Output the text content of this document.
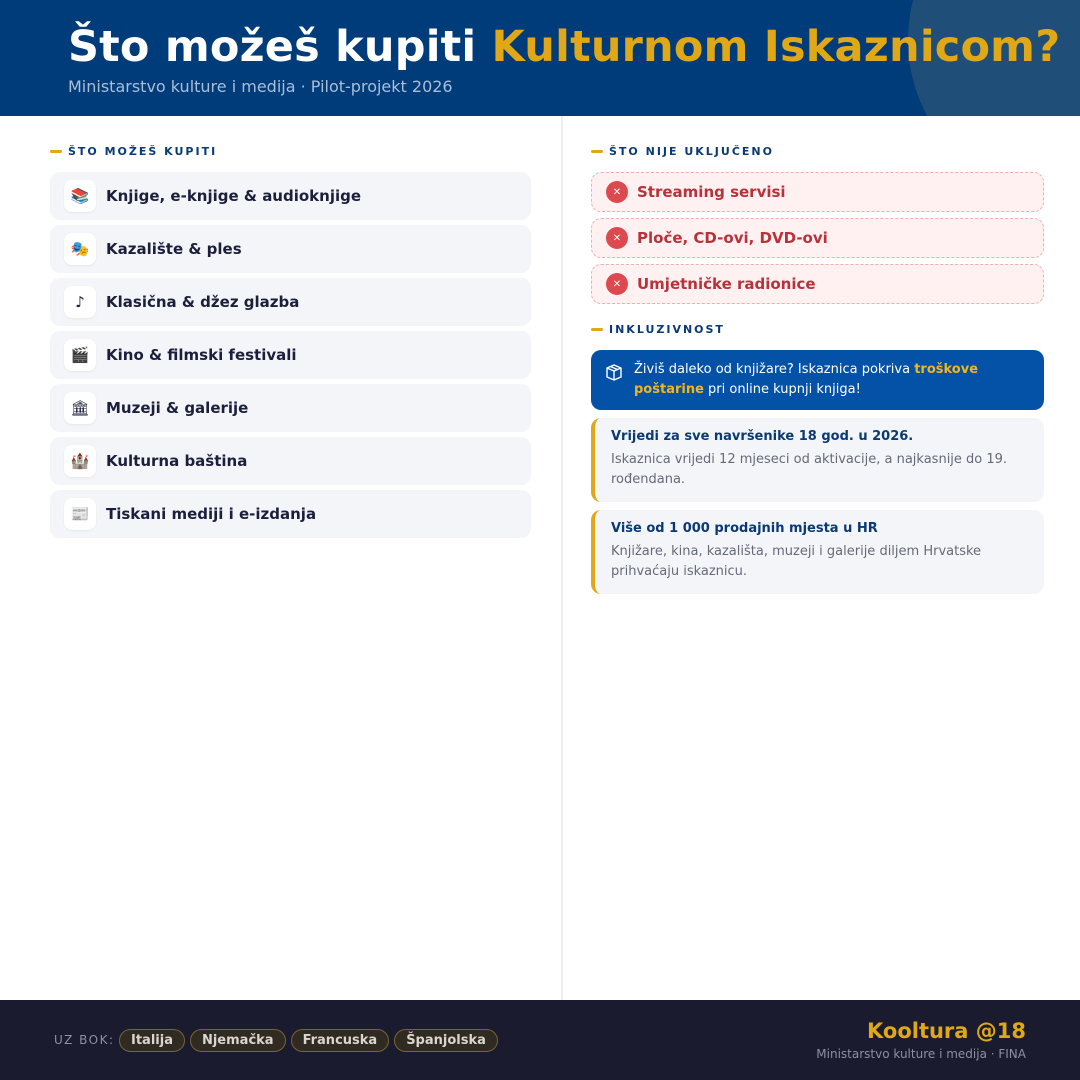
Što možeš kupiti Kulturnom Iskaznicom?
Ministarstvo kulture i medija · Pilot-projekt 2026
ŠTO MOŽEŠ KUPITI
📚	Knjige, e-knjige & audioknjige
🎭	Kazalište & ples
♪	Klasična & džez glazba
🎬	Kino & filmski festivali
🏛	Muzeji & galerije
🏰	Kulturna baština
📰	Tiskani mediji i e-izdanja
ŠTO NIJE UKLJUČENO
✕	Streaming servisi
✕	Ploče, CD-ovi, DVD-ovi
✕	Umjetničke radionice
INKLUZIVNOST
Živiš daleko od knjižare? Iskaznica pokriva troškove poštarine pri online kupnji knjiga!
Vrijedi za sve navršenike 18 god. u 2026.
Iskaznica vrijedi 12 mjeseci od aktivacije, a najkasnije do 19. rođendana.
Više od 1 000 prodajnih mjesta u HR
Knjižare, kina, kazališta, muzeji i galerije diljem Hrvatske prihvaćaju iskaznicu.
UZ BOK:	Italija	Njemačka	Francuska	Španjolska	Kooltura @18
Ministarstvo kulture i medija · FINA
